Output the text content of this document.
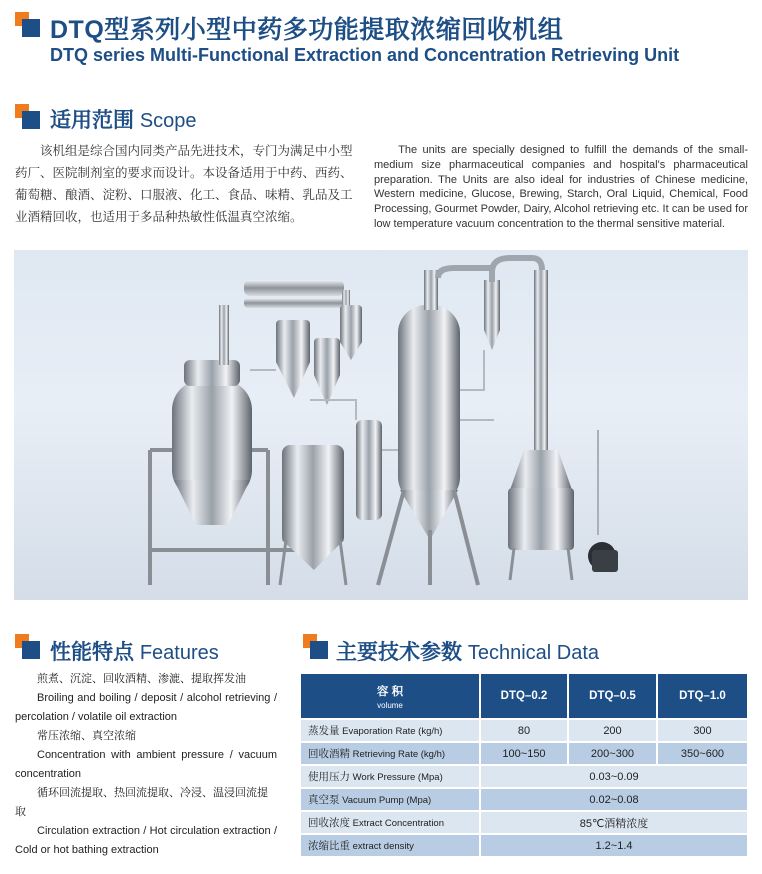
DTQ型系列小型中药多功能提取浓缩回收机组
DTQ series Multi-Functional Extraction and Concentration Retrieving Unit
适用范围 Scope

该机组是综合国内同类产品先进技术，专门为满足中小型药厂、医院制剂室的要求而设计。本设备适用于中药、西药、葡萄糖、酿酒、淀粉、口服液、化工、食品、味精、乳品及工业酒精回收，也适用于多品种热敏性低温真空浓缩。

The units are specially designed to fulfill the demands of the small-medium size pharmaceutical companies and hospital's pharmaceutical preparation. The Units are also ideal for industries of Chinese medicine, Western medicine, Glucose, Brewing, Starch, Oral Liquid, Chemical, Food Processing, Gourmet Powder, Dairy, Alcohol retrieving etc. It can be used for low temperature vacuum concentration to the thermal sensitive material.

性能特点 Features
煎煮、沉淀、回收酒精、渗漉、提取挥发油
Broiling and boiling / deposit / alcohol retrieving / percolation / volatile oil extraction
常压浓缩、真空浓缩
Concentration with ambient pressure / vacuum concentration
循环回流提取、热回流提取、冷浸、温浸回流提取
Circulation extraction / Hot circulation extraction / Cold or hot bathing extraction
主要技术参数 Technical Data
容 积
volume	DTQ–0.2	DTQ–0.5	DTQ–1.0
蒸发量 Evaporation Rate (kg/h)	80	200	300
回收酒精 Retrieving Rate (kg/h)	100~150	200~300	350~600
使用压力 Work Pressure (Mpa)	0.03~0.09		
真空泵 Vacuum Pump (Mpa)	0.02~0.08		
回收浓度 Extract Concentration	85℃酒精浓度		
浓缩比重 extract density	1.2~1.4		
